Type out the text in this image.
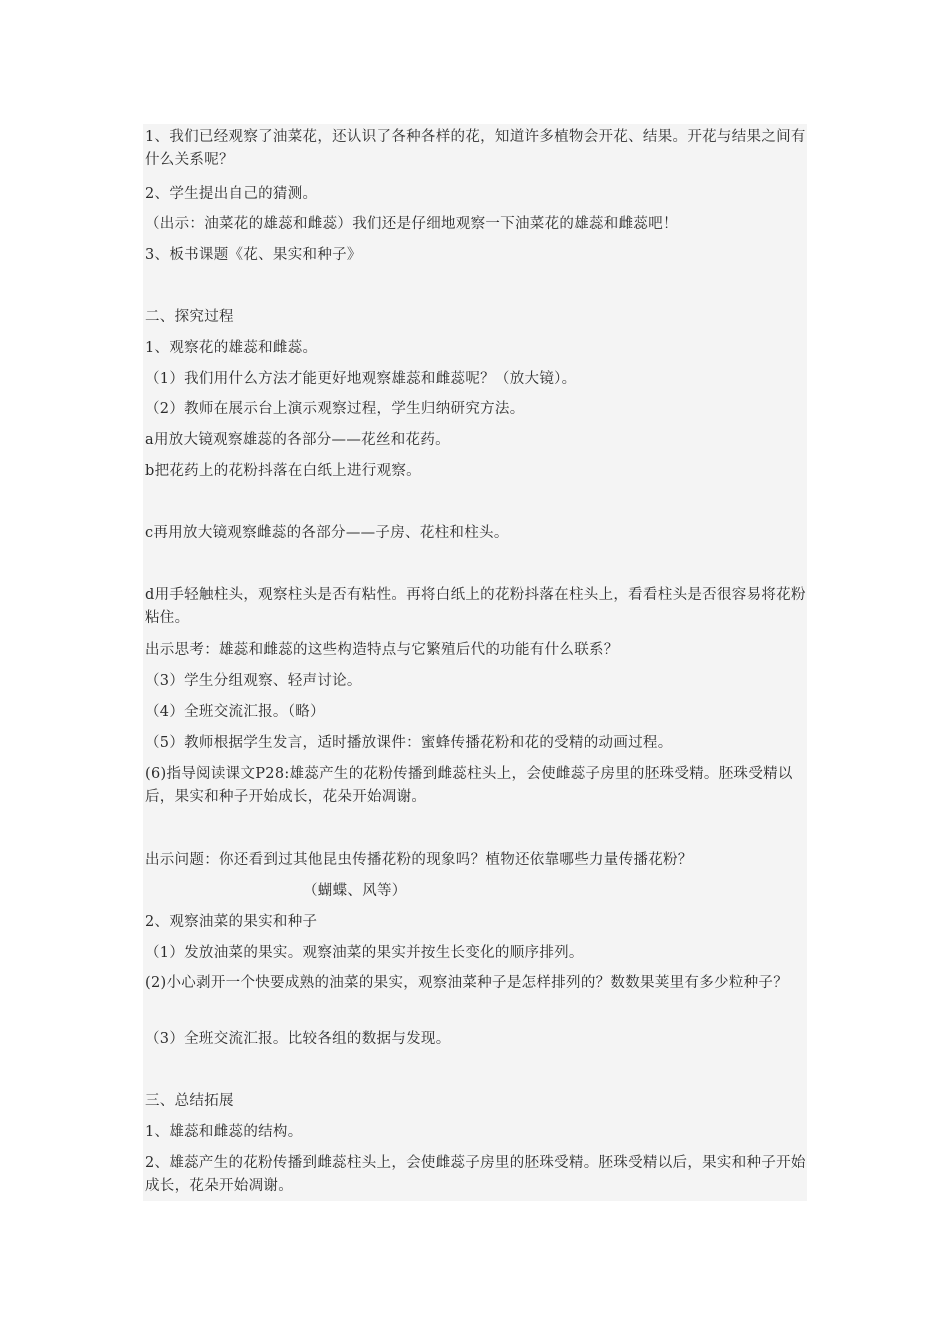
1、我们已经观察了油菜花，还认识了各种各样的花，知道许多植物会开花、结果。开花与结果之间有什么关系呢？
2、学生提出自己的猜测。
（出示：油菜花的雄蕊和雌蕊）我们还是仔细地观察一下油菜花的雄蕊和雌蕊吧！
3、板书课题《花、果实和种子》
二、探究过程
1、观察花的雄蕊和雌蕊。
（1）我们用什么方法才能更好地观察雄蕊和雌蕊呢？（放大镜）。
（2）教师在展示台上演示观察过程，学生归纳研究方法。
a用放大镜观察雄蕊的各部分——花丝和花药。
b把花药上的花粉抖落在白纸上进行观察。
c再用放大镜观察雌蕊的各部分——子房、花柱和柱头。
d用手轻触柱头，观察柱头是否有粘性。再将白纸上的花粉抖落在柱头上，看看柱头是否很容易将花粉粘住。
出示思考：雄蕊和雌蕊的这些构造特点与它繁殖后代的功能有什么联系？
（3）学生分组观察、轻声讨论。
（4）全班交流汇报。（略）
（5）教师根据学生发言，适时播放课件：蜜蜂传播花粉和花的受精的动画过程。
(6)指导阅读课文P28:雄蕊产生的花粉传播到雌蕊柱头上，会使雌蕊子房里的胚珠受精。胚珠受精以后，果实和种子开始成长，花朵开始凋谢。
出示问题：你还看到过其他昆虫传播花粉的现象吗？植物还依靠哪些力量传播花粉？
（蝴蝶、风等）
2、观察油菜的果实和种子
（1）发放油菜的果实。观察油菜的果实并按生长变化的顺序排列。
(2)小心剥开一个快要成熟的油菜的果实，观察油菜种子是怎样排列的？数数果荚里有多少粒种子？
（3）全班交流汇报。比较各组的数据与发现。
三、总结拓展
1、雄蕊和雌蕊的结构。
2、雄蕊产生的花粉传播到雌蕊柱头上，会使雌蕊子房里的胚珠受精。胚珠受精以后，果实和种子开始成长，花朵开始凋谢。
